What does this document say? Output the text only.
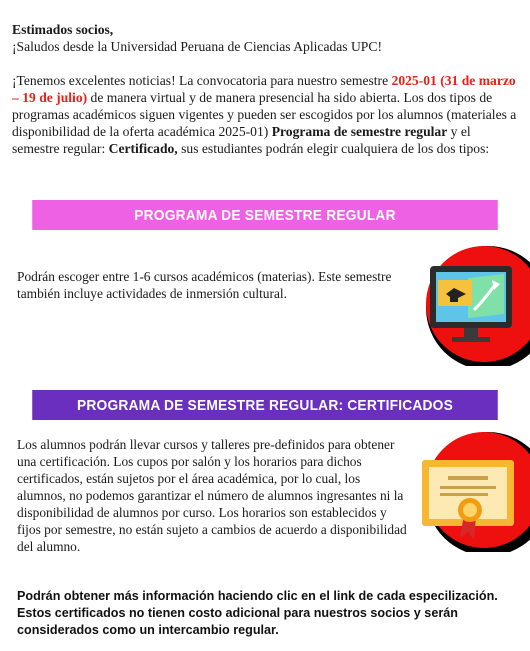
Estimados socios,
¡Saludos desde la Universidad Peruana de Ciencias Aplicadas UPC!

¡Tenemos excelentes noticias! La convocatoria para nuestro semestre 2025-01 (31 de marzo – 19 de julio) de manera virtual y de manera presencial ha sido abierta. Los dos tipos de programas académicos siguen vigentes y pueden ser escogidos por los alumnos (materiales a disponibilidad de la oferta académica 2025-01) Programa de semestre regular y el semestre regular: Certificado, sus estudiantes podrán elegir cualquiera de los dos tipos:

PROGRAMA DE SEMESTRE REGULAR

Podrán escoger entre 1-6 cursos académicos (materias). Este semestre también incluye actividades de inmersión cultural.

PROGRAMA DE SEMESTRE REGULAR: CERTIFICADOS

Los alumnos podrán llevar cursos y talleres pre-definidos para obtener una certificación. Los cupos por salón y los horarios para dichos certificados, están sujetos por el área académica, por lo cual, los alumnos, no podemos garantizar el número de alumnos ingresantes ni la disponibilidad de alumnos por curso. Los horarios son establecidos y fijos por semestre, no están sujeto a cambios de acuerdo a disponibilidad del alumno.

Podrán obtener más información haciendo clic en el link de cada especilización. Estos certificados no tienen costo adicional para nuestros socios y serán considerados como un intercambio regular.
